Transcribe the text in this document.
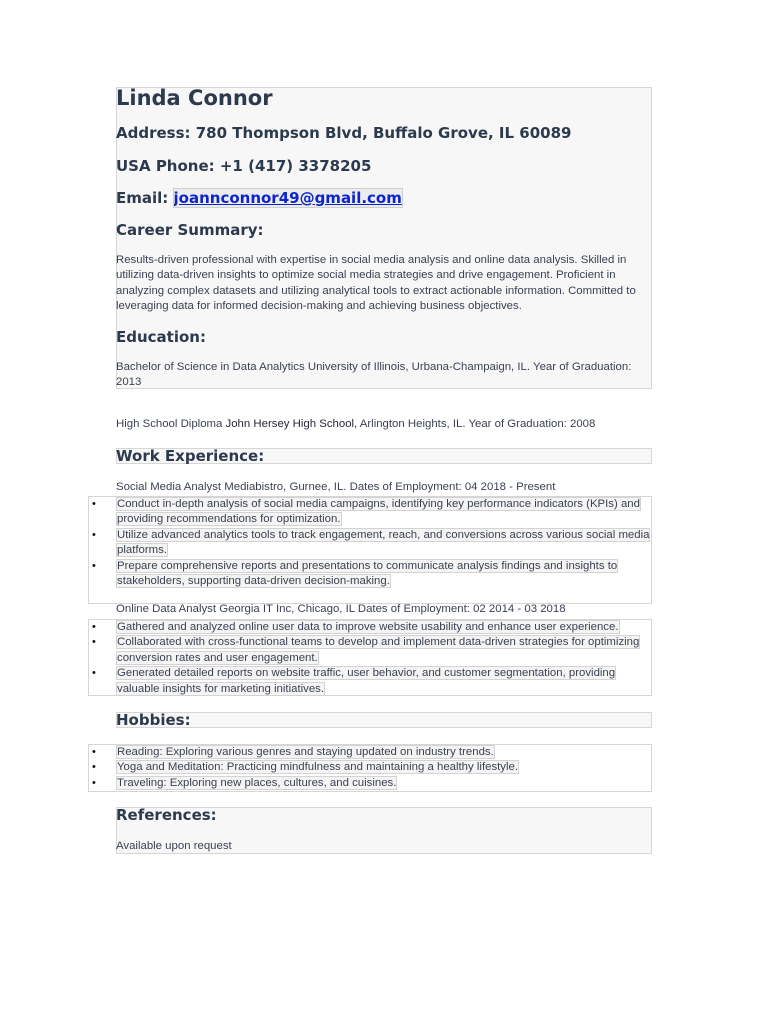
Linda Connor

Address: 780 Thompson Blvd, Buffalo Grove, IL 60089

USA Phone: +1 (417) 3378205

Email: joannconnor49@gmail.com

Career Summary:

Results-driven professional with expertise in social media analysis and online data analysis. Skilled in utilizing data-driven insights to optimize social media strategies and drive engagement. Proficient in analyzing complex datasets and utilizing analytical tools to extract actionable information. Committed to leveraging data for informed decision-making and achieving business objectives.

Education:

Bachelor of Science in Data Analytics University of Illinois, Urbana-Champaign, IL. Year of Graduation: 2013

High School Diploma John Hersey High School, Arlington Heights, IL. Year of Graduation: 2008

Work Experience:

Social Media Analyst Mediabistro, Gurnee, IL. Dates of Employment: 04 2018 - Present

• Conduct in-depth analysis of social media campaigns, identifying key performance indicators (KPIs) and providing recommendations for optimization.
• Utilize advanced analytics tools to track engagement, reach, and conversions across various social media platforms.
• Prepare comprehensive reports and presentations to communicate analysis findings and insights to stakeholders, supporting data-driven decision-making.

Online Data Analyst Georgia IT Inc, Chicago, IL Dates of Employment: 02 2014 - 03 2018

• Gathered and analyzed online user data to improve website usability and enhance user experience.
• Collaborated with cross-functional teams to develop and implement data-driven strategies for optimizing conversion rates and user engagement.
• Generated detailed reports on website traffic, user behavior, and customer segmentation, providing valuable insights for marketing initiatives.
Hobbies:
• Reading: Exploring various genres and staying updated on industry trends.
• Yoga and Meditation: Practicing mindfulness and maintaining a healthy lifestyle.
• Traveling: Exploring new places, cultures, and cuisines.
References:

Available upon request
